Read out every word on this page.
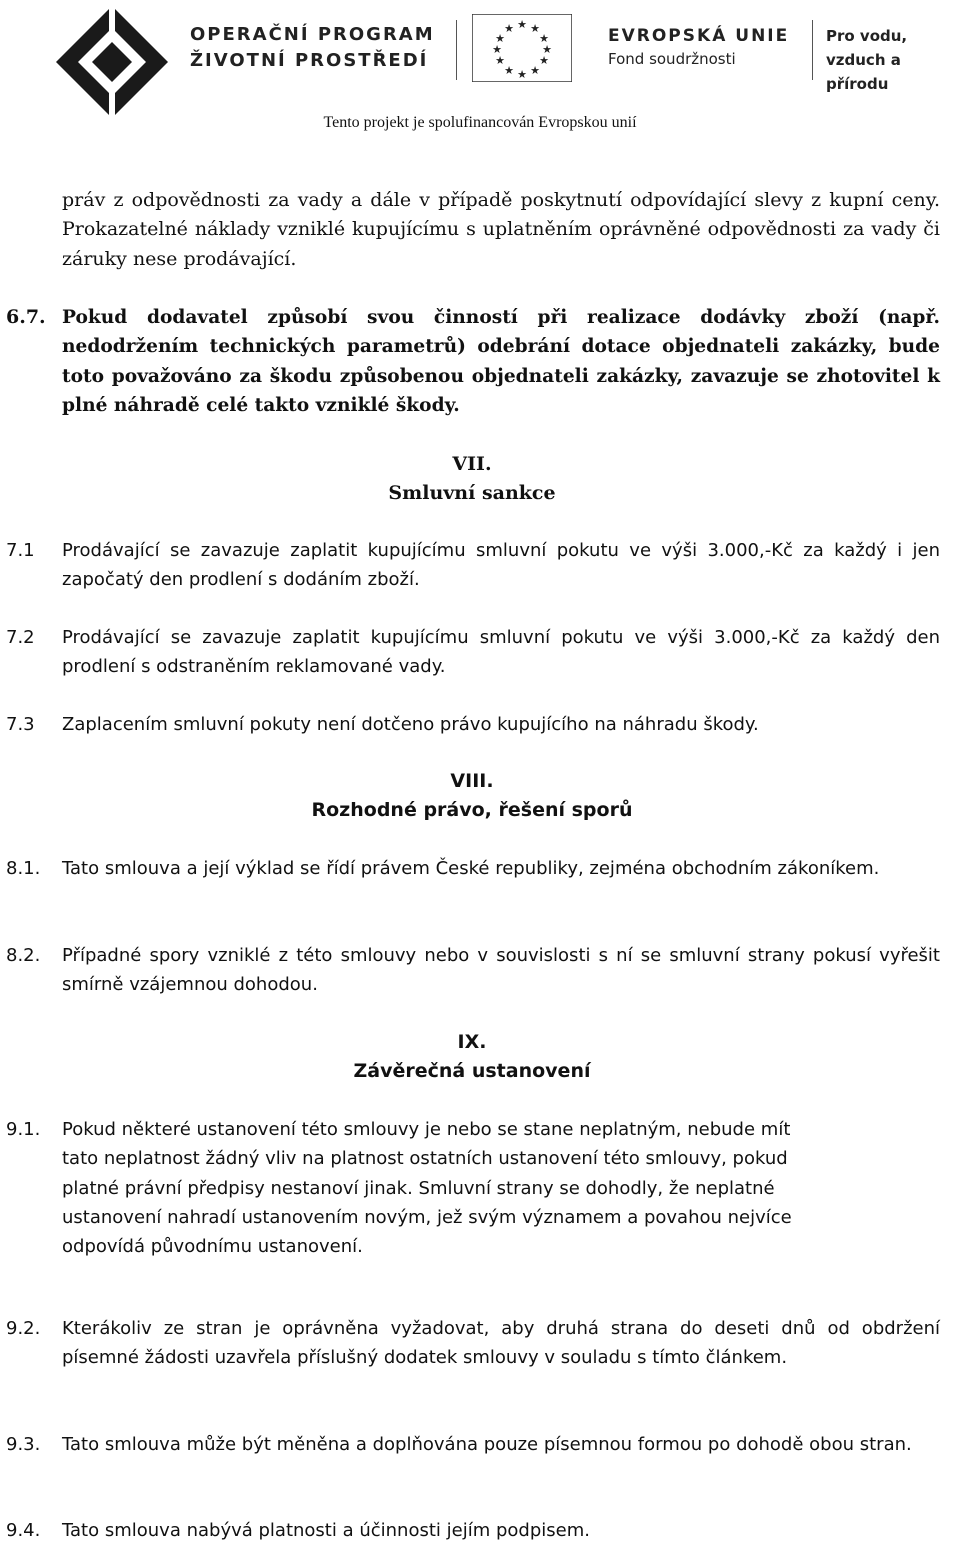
OPERAČNÍ PROGRAM
ŽIVOTNÍ PROSTŘEDÍ
★ ★
★
★
★
★
★
★
★
★
★
★	EVROPSKÁ UNIE
Fond soudržnosti
Pro vodu,
vzduch a přírodu
Tento projekt je spolufinancován Evropskou unií
práv z odpovědnosti za vady a dále v případě poskytnutí odpovídající slevy z kupní ceny. Prokazatelné náklady vzniklé kupujícímu s uplatněním oprávněné odpovědnosti za vady či záruky nese prodávající.
6.7. Pokud dodavatel způsobí svou činností při realizace dodávky zboží (např. nedodržením technických parametrů) odebrání dotace objednateli zakázky, bude toto považováno za škodu způsobenou objednateli zakázky, zavazuje se zhotovitel k plné náhradě celé takto vzniklé škody.
VII.
Smluvní sankce
7.1 Prodávající se zavazuje zaplatit kupujícímu smluvní pokutu ve výši 3.000,-Kč za každý i jen započatý den prodlení s dodáním zboží.
7.2 Prodávající se zavazuje zaplatit kupujícímu smluvní pokutu ve výši 3.000,-Kč za každý den prodlení s odstraněním reklamované vady.
7.3 Zaplacením smluvní pokuty není dotčeno právo kupujícího na náhradu škody.
VIII.
Rozhodné právo, řešení sporů
8.1. Tato smlouva a její výklad se řídí právem České republiky, zejména obchodním zákoníkem.
8.2. Případné spory vzniklé z této smlouvy nebo v souvislosti s ní se smluvní strany pokusí vyřešit smírně vzájemnou dohodou.
IX.
Závěrečná ustanovení
9.1. Pokud některé ustanovení této smlouvy je nebo se stane neplatným, nebude mít
tato neplatnost žádný vliv na platnost ostatních ustanovení této smlouvy, pokud
platné právní předpisy nestanoví jinak. Smluvní strany se dohodly, že neplatné
ustanovení nahradí ustanovením novým, jež svým významem a povahou nejvíce
odpovídá původnímu ustanovení.
9.2. Kterákoliv ze stran je oprávněna vyžadovat, aby druhá strana do deseti dnů od obdržení písemné žádosti uzavřela příslušný dodatek smlouvy v souladu s tímto článkem.
9.3. Tato smlouva může být měněna a doplňována pouze písemnou formou po dohodě obou stran.
9.4. Tato smlouva nabývá platnosti a účinnosti jejím podpisem.
